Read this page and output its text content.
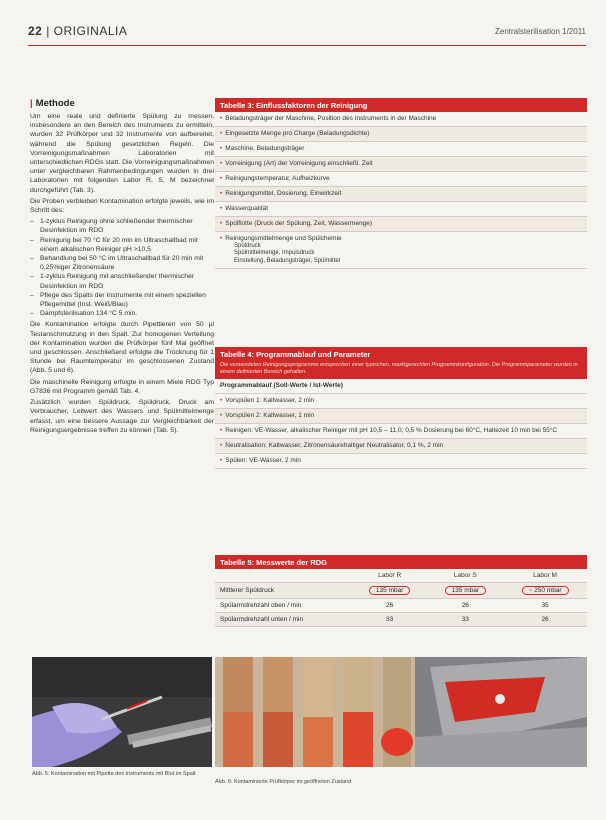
22 | ORIGINALIA	Zentralsterilisation 1/2011
| Methode

Um eine reale und definierte Spülung zu messen, insbesondere an den Bereich des Instruments zu ermitteln, wurden 32 Prüfkörper und 32 Instrumente von aufbereitet, während die Spülung gesetzlichen Regeln. Die Vorreinigungsmaßnahmen Laboratorien mit unterschiedlichen RDGs statt. Die Vorreinigungsmaßnahmen unter vergleichbaren Rahmenbedingungen wurden in drei Laboratorien mit folgenden Labor R, S, M bezeichnet durchgeführt (Tab. 3).

Die Proben verbleiben Kontamination erfolgte jeweils, wie im Schritt des:

– 1-zyklus Reinigung ohne schließender thermischer Desinfektion im RDG
– Reinigung bei 70 °C für 20 min im Ultraschallbad mit einem alkalischen Reiniger pH >10,5
– Behandlung bei 50 °C im Ultraschallbad für 20 min mit 0,25%iger Zitronensäure
– 1-zyklus Reinigung mit anschließender thermischer Desinfektion im RDG
– Pflege des Spalts der Instrumente mit einem speziellen Pflegemittel (Inst. Weiß/Blau)
– Dampfsterilisation 134 °C 5 min.

Die Kontamination erfolgte durch Pipettieren von 50 µl Testanschmutzung in den Spalt. Zur homogenen Verteilung der Kontamination wurden die Prüfkörper fünf Mal geöffnet und geschlossen. Anschließend erfolgte die Trocknung für 1 Stunde bei Raumtemperatur im geschlossenen Zustand (Abb. 5 und 6).

Die maschinelle Reinigung erfolgte in einem Miele RDG Typ G7836 mit Programm gemäß Tab. 4.

Zusätzlich wurden Spüldruck, Spüldruck, Druck am Verbraucher, Leitwert des Wassers und Spülmittelmenge erfasst, um eine bessere Aussage zur Vergleichbarkeit der Reinigungsergebnisse treffen zu können (Tab. 5).

Tabelle 3: Einflussfaktoren der Reinigung
• Beladungsträger der Maschine, Position des Instruments in der Maschine
• Eingesetzte Menge pro Charge (Beladungsdichte)
• Maschine, Beladungsträger
• Vorreinigung (Art) der Vorreinigung einschließl. Zeit
• Reinigungstemperatur, Aufheizkurve
• Reinigungsmittel, Dosierung, Einwirkzeit
• Wasserqualität
• Spülflotte (Druck der Spülung, Zeit, Wassermenge)
• Reinigungsmittelmenge und Spülchemie
Spüldruck
Spülmittelmenge, Impulsdruck
Einstellung, Beladungsträger, Spülmittel
Tabelle 4: Programmablauf und Parameter
Die verwendeten Reinigungsprogramme entsprechen einer typischen, marktgerechten Programmkonfiguration. Die Programmparameter wurden in einem definierten Bereich gehalten.
Programmablauf (Soll-Werte / Ist-Werte)
• Vorspülen 1: Kaltwasser, 2 min
• Vorspülen 2: Kaltwasser, 1 min
• Reinigen: VE-Wasser, alkalischer Reiniger mit pH 10,5 – 11,0, 0,5 % Dosierung bei 60°C, Haltezeit 10 min bei 55°C
• Neutralisation: Kaltwasser, Zitronensäurehaltiger Neutralisator, 0,1 %, 2 min
• Spülen: VE-Wasser, 2 min
Tabelle 5: Messwerte der RDG
	Labor R	Labor S	Labor M
Mittlerer Spüldruck	135 mbar	135 mbar	~ 250 mbar
Spülarmdrehzahl oben / min	26	26	35
Spülarmdrehzahl unten / min	33	33	26
Abb. 5: Kontamination mit Pipette des Instruments mit Blut im Spalt
Abb. 6: Kontaminierte Prüfkörper im geöffneten Zustand
